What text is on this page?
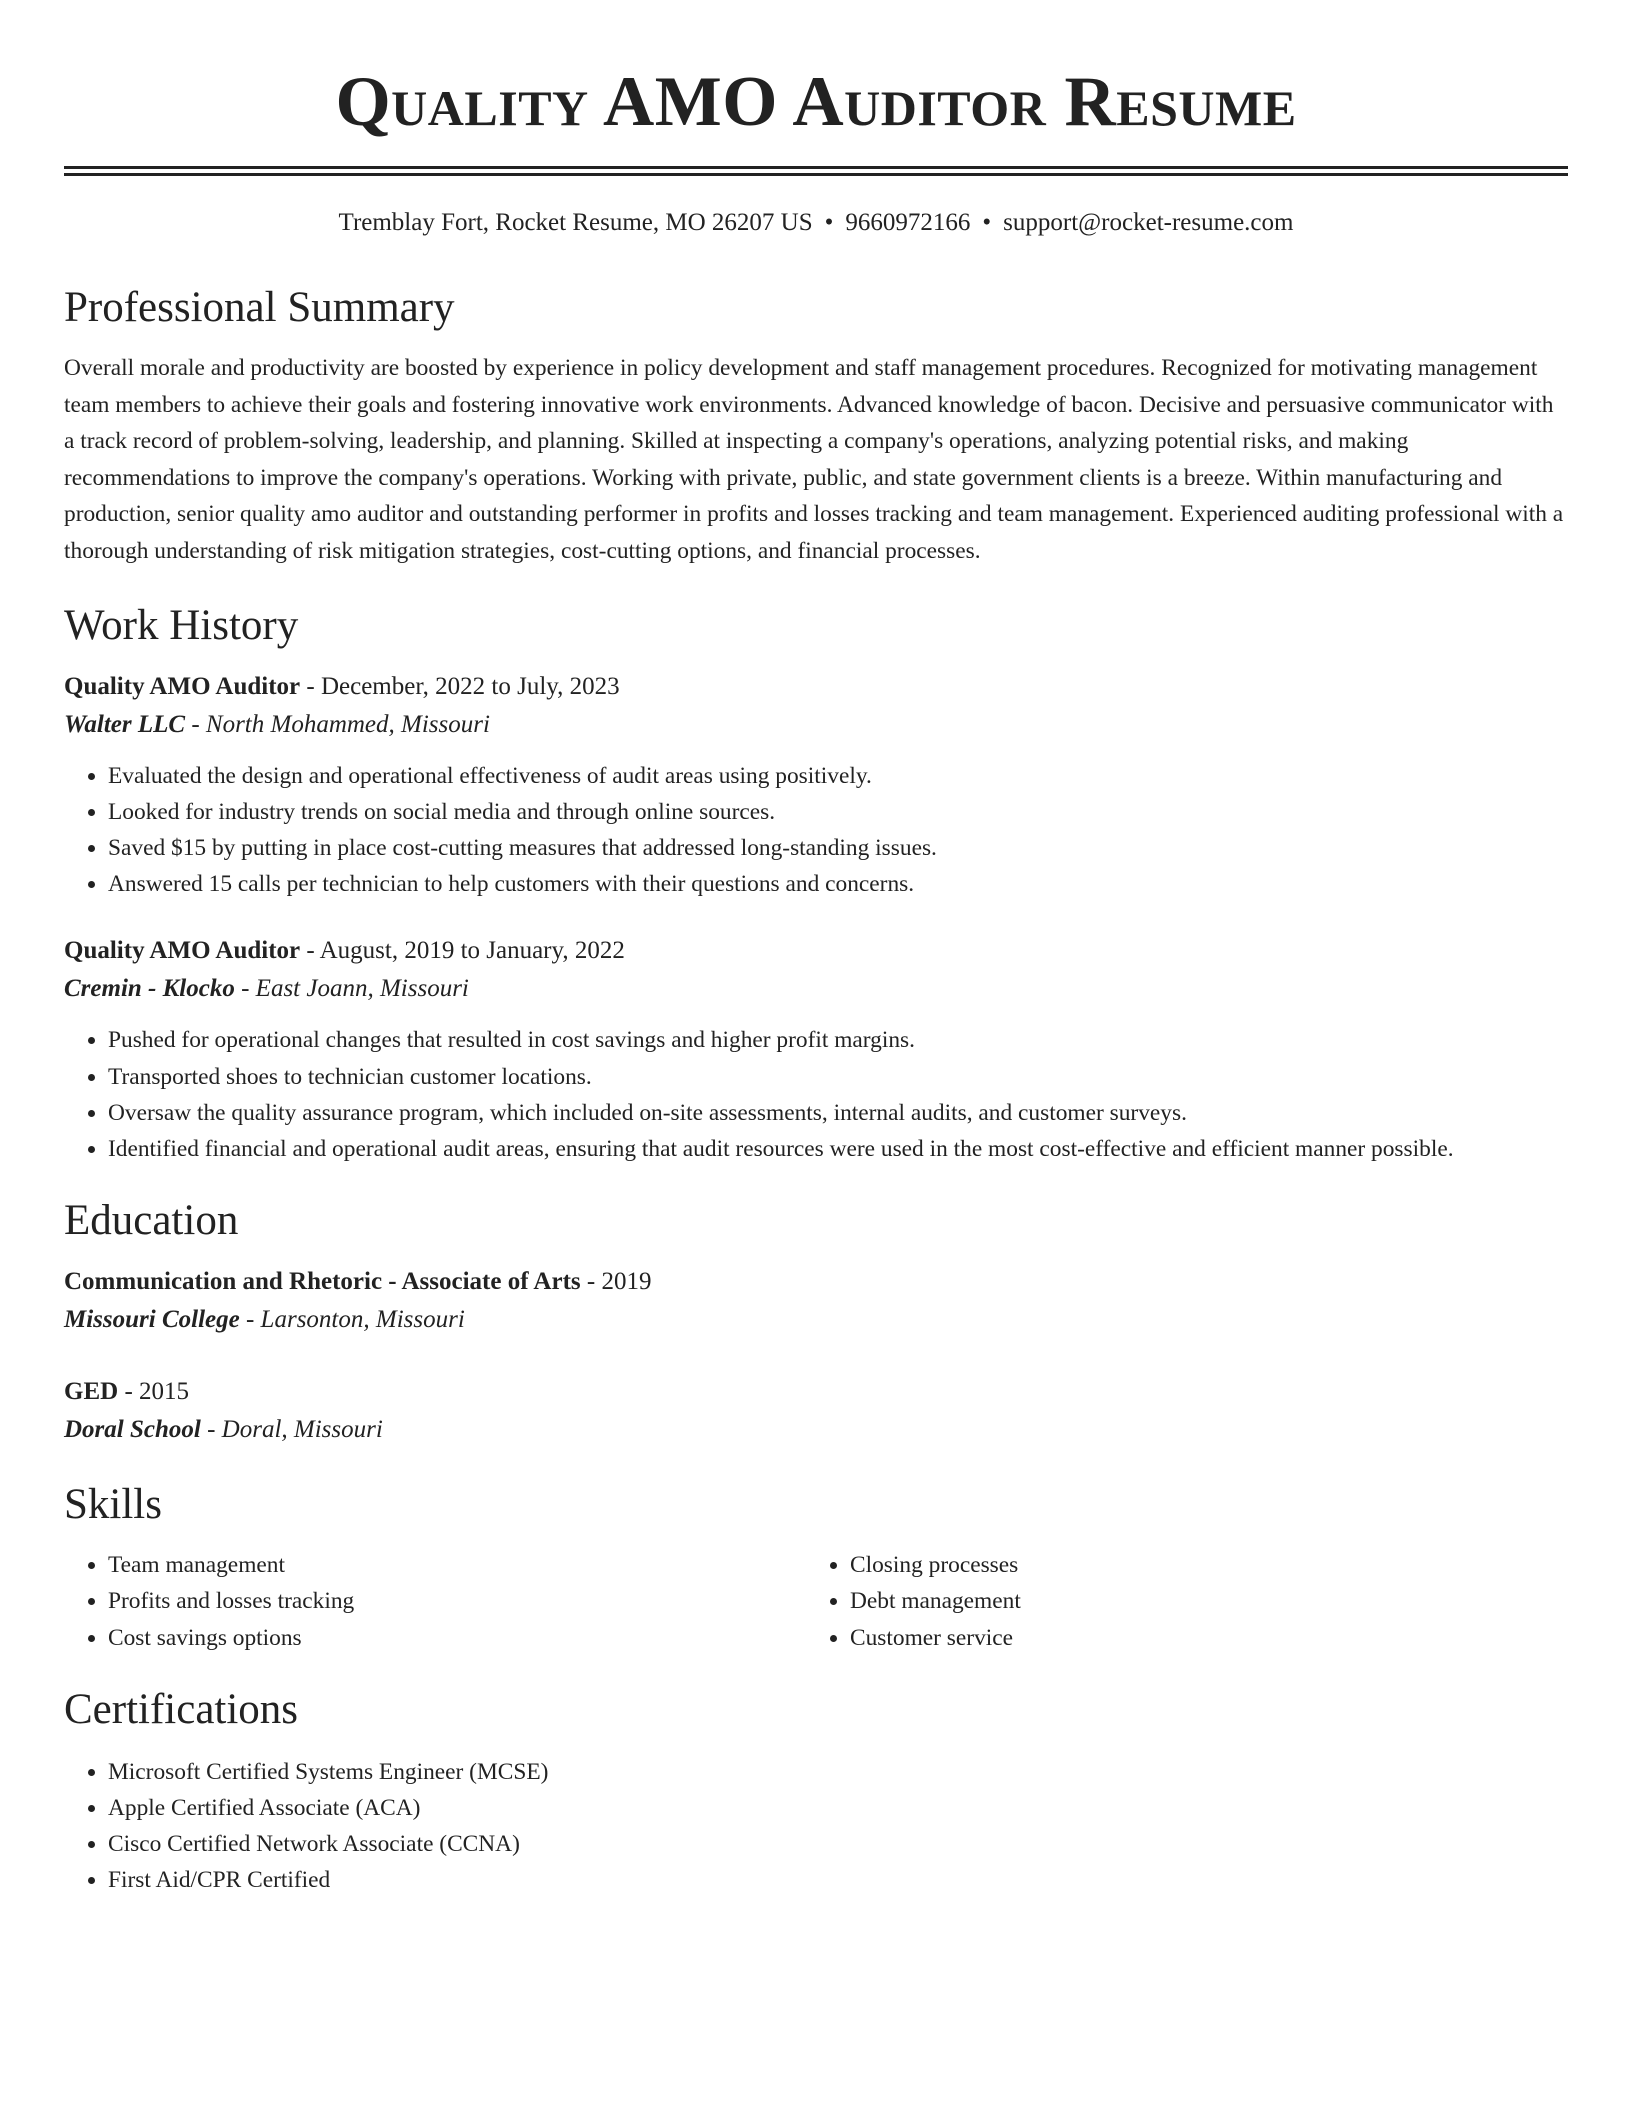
Quality AMO Auditor Resume
Tremblay Fort, Rocket Resume, MO 26207 US • 9660972166 • support@rocket-resume.com
Professional Summary

Overall morale and productivity are boosted by experience in policy development and staff management procedures. Recognized for motivating management team members to achieve their goals and fostering innovative work environments. Advanced knowledge of bacon. Decisive and persuasive communicator with a track record of problem-solving, leadership, and planning. Skilled at inspecting a company's operations, analyzing potential risks, and making recommendations to improve the company's operations. Working with private, public, and state government clients is a breeze. Within manufacturing and production, senior quality amo auditor and outstanding performer in profits and losses tracking and team management. Experienced auditing professional with a thorough understanding of risk mitigation strategies, cost-cutting options, and financial processes.

Work History
Quality AMO Auditor - December, 2022 to July, 2023
Walter LLC - North Mohammed, Missouri
• Evaluated the design and operational effectiveness of audit areas using positively.
• Looked for industry trends on social media and through online sources.
• Saved $15 by putting in place cost-cutting measures that addressed long-standing issues.
• Answered 15 calls per technician to help customers with their questions and concerns.
Quality AMO Auditor - August, 2019 to January, 2022
Cremin - Klocko - East Joann, Missouri
• Pushed for operational changes that resulted in cost savings and higher profit margins.
• Transported shoes to technician customer locations.
• Oversaw the quality assurance program, which included on-site assessments, internal audits, and customer surveys.
• Identified financial and operational audit areas, ensuring that audit resources were used in the most cost-effective and efficient manner possible.
Education
Communication and Rhetoric - Associate of Arts - 2019
Missouri College - Larsonton, Missouri
GED - 2015
Doral School - Doral, Missouri
Skills
• Team management
• Profits and losses tracking
• Cost savings options
• Closing processes
• Debt management
• Customer service
Certifications
• Microsoft Certified Systems Engineer (MCSE)
• Apple Certified Associate (ACA)
• Cisco Certified Network Associate (CCNA)
• First Aid/CPR Certified
